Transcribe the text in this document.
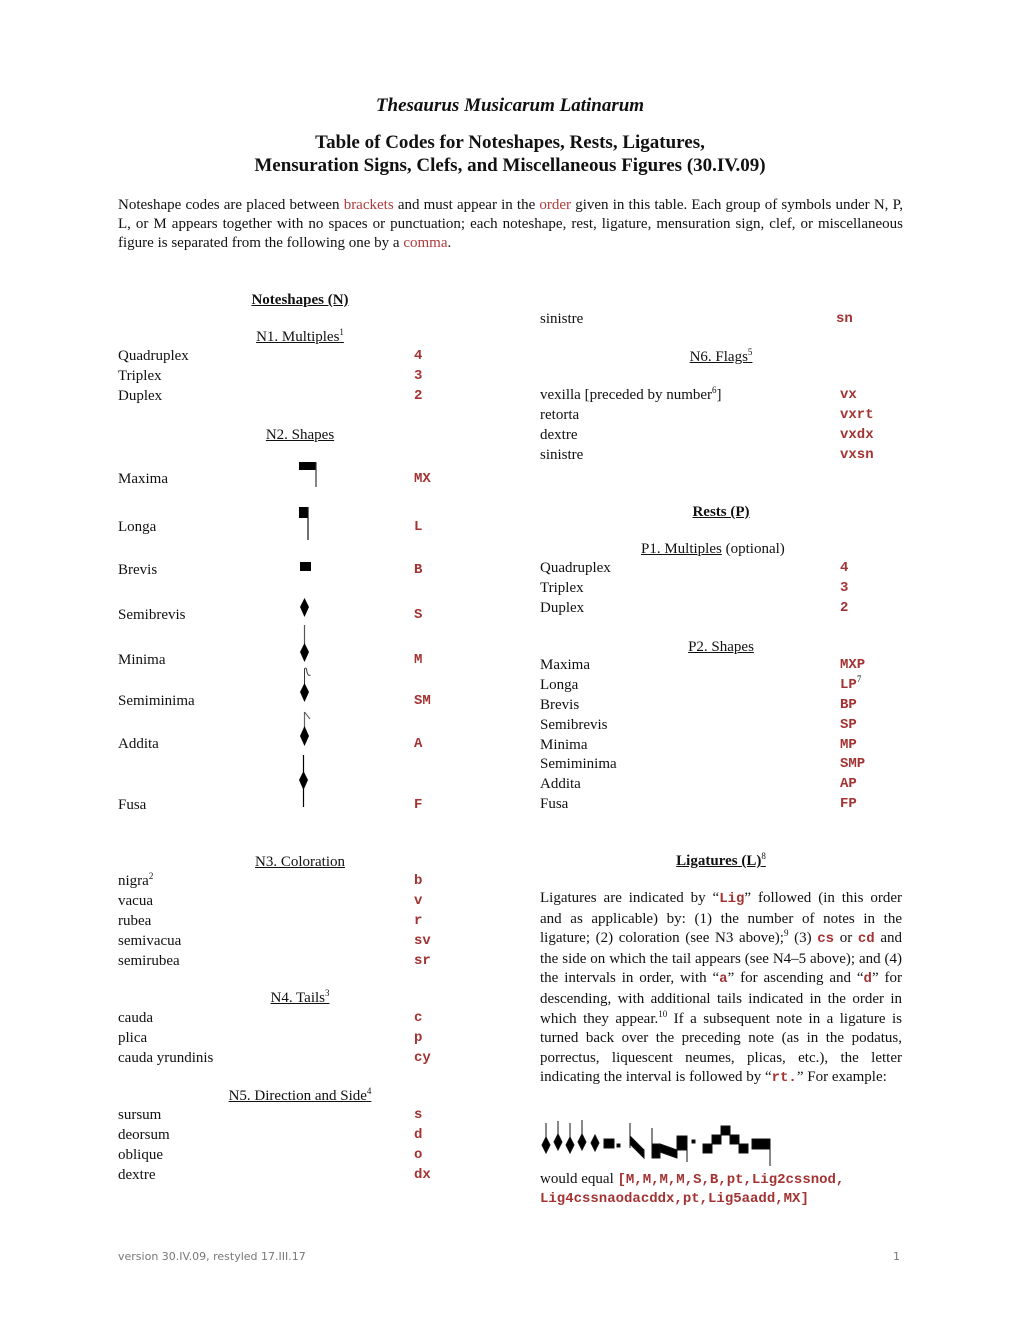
Thesaurus Musicarum Latinarum
Table of Codes for Noteshapes, Rests, Ligatures,
Mensuration Signs, Clefs, and Miscellaneous Figures (30.IV.09)
Noteshape codes are placed between brackets and must appear in the order given in this table. Each group of symbols under N, P, L, or M appears together with no spaces or punctuation; each noteshape, rest, ligature, mensuration sign, clef, or miscellaneous figure is separated from the following one by a comma.
Noteshapes (N)
N1. Multiples$^1$
Quadruplex	4
Triplex	3
Duplex	2
N2. Shapes
Maxima	MX
Longa	L
Brevis	B
Semibrevis	S
Minima	M
Semiminima	SM
Addita	A
Fusa	F
N3. Coloration
nigra$^2$	b
vacua	v
rubea	r
semivacua	sv
semirubea	sr
N4. Tails$^3$
cauda	c
plica	p
cauda yrundinis	cy
N5. Direction and Side$^4$
sursum	s
deorsum	d
oblique	o
dextre	dx
sinistre	sn
N6. Flags$^5$
vexilla [preceded by number$^6$]	vx
retorta	vxrt
dextre	vxdx
sinistre	vxsn
Rests (P)
P1. Multiples (optional)
Quadruplex	4
Triplex	3
Duplex	2
P2. Shapes
Maxima	MXP
Longa	$LP^7$
Brevis	BP
Semibrevis	SP
Minima	MP
Semiminima	SMP
Addita	AP
Fusa	FP
Ligatures $(L)^8$
Ligatures are indicated by “Lig” followed (in this order and as applicable) by: (1) the number of notes in the ligature; (2) coloration (see N3 above);$^9$ (3) cs or cd and the side on which the tail appears (see N4–5 above); and (4) the intervals in order, with “a” for ascending and “d” for descending, with additional tails indicated in the order in which they appear.$^{10}$ If a subsequent note in a ligature is turned back over the preceding note (as in the podatus, porrectus, liquescent neumes, plicas, etc.), the letter indicating the interval is followed by “rt.” For example:
would equal [M,M,M,M,S,B,pt,Lig2cssnod,
Lig4cssnaodacddx,pt,Lig5aadd,MX]
version 30.IV.09, restyled 17.III.17	1
